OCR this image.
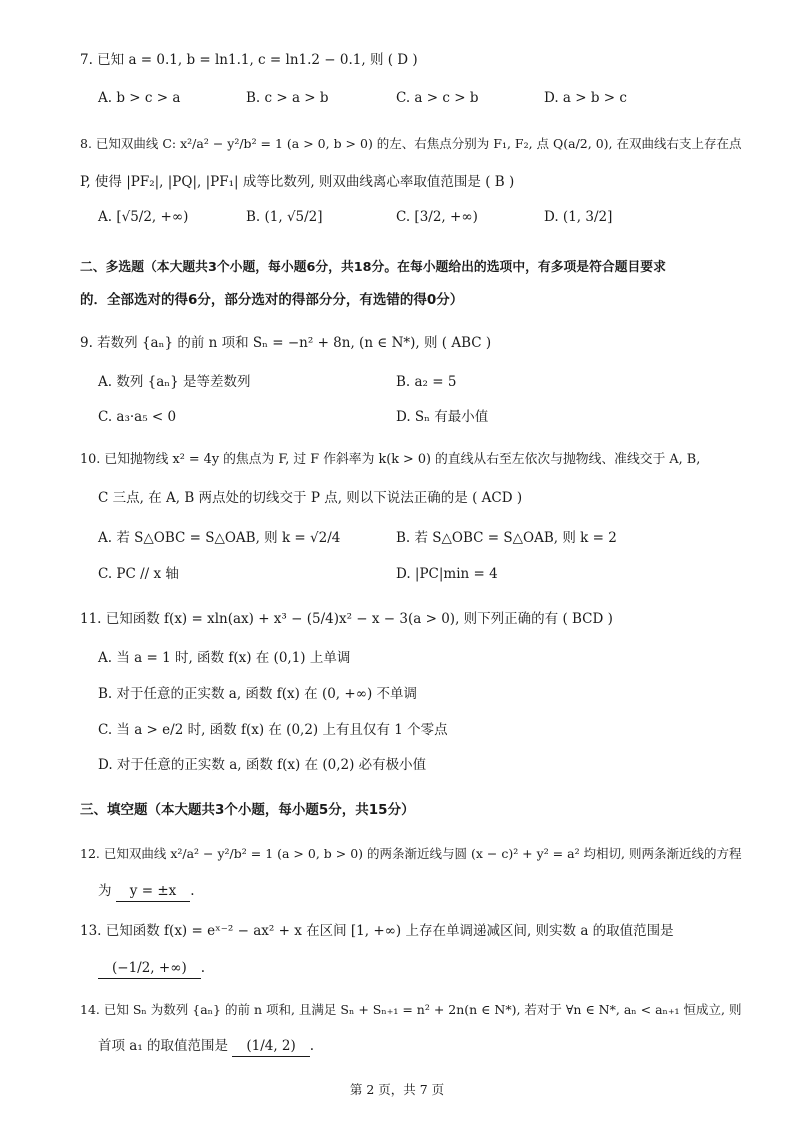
7. 已知 a = 0.1, b = ln1.1, c = ln1.2 − 0.1, 则 ( D )
A. b > c > a	B. c > a > b	C. a > c > b	D. a > b > c
8. 已知双曲线 C: x²/a² − y²/b² = 1 (a > 0, b > 0) 的左、右焦点分别为 F₁, F₂, 点 Q(a/2, 0), 在双曲线右支上存在点
P, 使得 |PF₂|, |PQ|, |PF₁| 成等比数列, 则双曲线离心率取值范围是 ( B )
A. [√5/2, +∞)	B. (1, √5/2]	C. [3/2, +∞)	D. (1, 3/2]
二、多选题（本大题共3个小题，每小题6分，共18分。在每小题给出的选项中，有多项是符合题目要求
的．全部选对的得6分，部分选对的得部分分，有选错的得0分）
9. 若数列 {aₙ} 的前 n 项和 Sₙ = −n² + 8n, (n ∈ N*), 则 ( ABC )
A. 数列 {aₙ} 是等差数列	B. a₂ = 5
C. a₃·a₅ < 0	D. Sₙ 有最小值
10. 已知抛物线 x² = 4y 的焦点为 F, 过 F 作斜率为 k(k > 0) 的直线从右至左依次与抛物线、准线交于 A, B,
C 三点, 在 A, B 两点处的切线交于 P 点, 则以下说法正确的是 ( ACD )
A. 若 S△OBC = S△OAB, 则 k = √2/4	B. 若 S△OBC = S△OAB, 则 k = 2
C. PC // x 轴	D. |PC|min = 4
11. 已知函数 f(x) = xln(ax) + x³ − (5/4)x² − x − 3(a > 0), 则下列正确的有 ( BCD )
A. 当 a = 1 时, 函数 f(x) 在 (0,1) 上单调
B. 对于任意的正实数 a, 函数 f(x) 在 (0, +∞) 不单调
C. 当 a > e/2 时, 函数 f(x) 在 (0,2) 上有且仅有 1 个零点
D. 对于任意的正实数 a, 函数 f(x) 在 (0,2) 必有极小值
三、填空题（本大题共3个小题，每小题5分，共15分）
12. 已知双曲线 x²/a² − y²/b² = 1 (a > 0, b > 0) 的两条渐近线与圆 (x − c)² + y² = a² 均相切, 则两条渐近线的方程
为 y = ±x .
13. 已知函数 f(x) = eˣ⁻² − ax² + x 在区间 [1, +∞) 上存在单调递减区间, 则实数 a 的取值范围是
(−1/2, +∞) .
14. 已知 Sₙ 为数列 {aₙ} 的前 n 项和, 且满足 Sₙ + Sₙ₊₁ = n² + 2n(n ∈ N*), 若对于 ∀n ∈ N*, aₙ < aₙ₊₁ 恒成立, 则
首项 a₁ 的取值范围是 (1/4, 2) .
第 2 页，共 7 页
